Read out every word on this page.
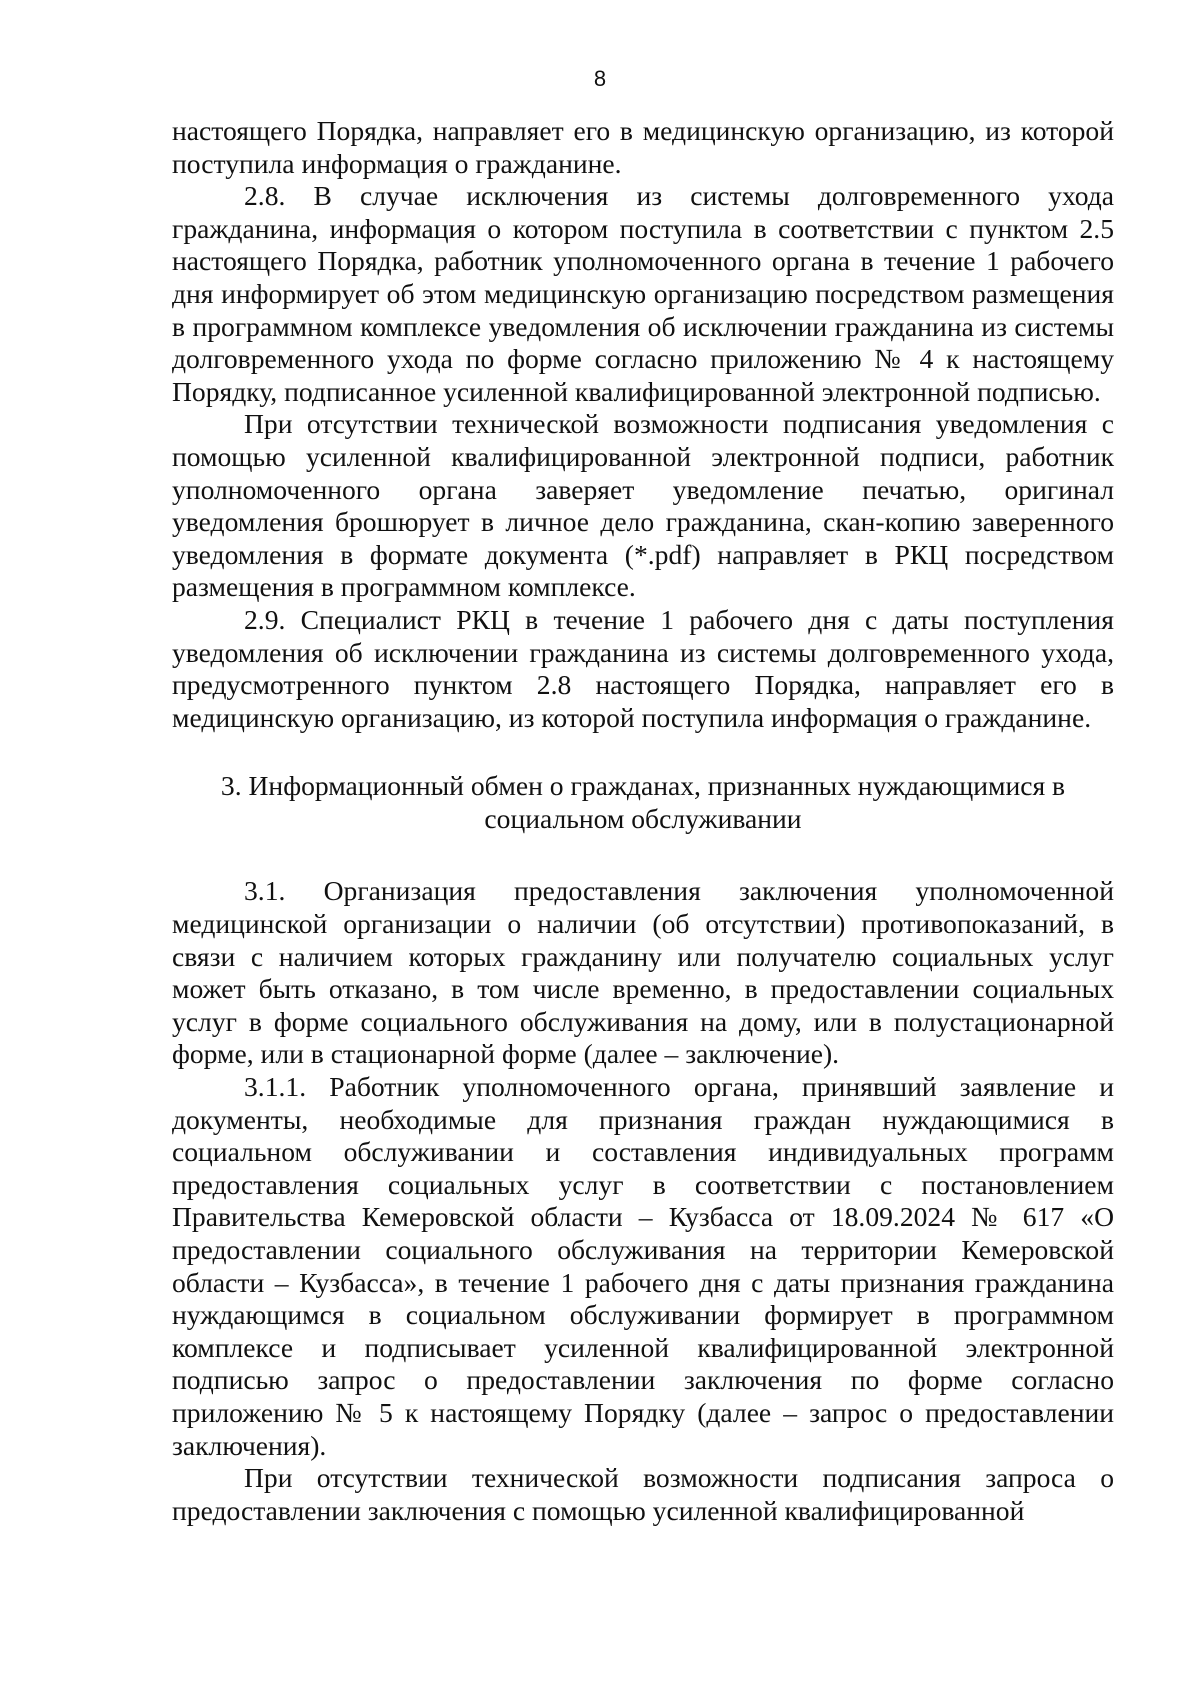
8

настоящего Порядка, направляет его в медицинскую организацию, из которой поступила информация о гражданине.

2.8. В случае исключения из системы долговременного ухода гражданина, информация о котором поступила в соответствии с пунктом 2.5 настоящего Порядка, работник уполномоченного органа в течение 1 рабочего дня информирует об этом медицинскую организацию посредством размещения в программном комплексе уведомления об исключении гражданина из системы долговременного ухода по форме согласно приложению № 4 к настоящему Порядку, подписанное усиленной квалифицированной электронной подписью.

При отсутствии технической возможности подписания уведомления с помощью усиленной квалифицированной электронной подписи, работник уполномоченного органа заверяет уведомление печатью, оригинал уведомления брошюрует в личное дело гражданина, скан-копию заверенного уведомления в формате документа (*.pdf) направляет в РКЦ посредством размещения в программном комплексе.

2.9. Специалист РКЦ в течение 1 рабочего дня с даты поступления уведомления об исключении гражданина из системы долговременного ухода, предусмотренного пунктом 2.8 настоящего Порядка, направляет его в медицинскую организацию, из которой поступила информация о гражданине.

3. Информационный обмен о гражданах, признанных нуждающимися в социальном обслуживании

3.1. Организация предоставления заключения уполномоченной медицинской организации о наличии (об отсутствии) противопоказаний, в связи с наличием которых гражданину или получателю социальных услуг может быть отказано, в том числе временно, в предоставлении социальных услуг в форме социального обслуживания на дому, или в полустационарной форме, или в стационарной форме (далее – заключение).

3.1.1. Работник уполномоченного органа, принявший заявление и документы, необходимые для признания граждан нуждающимися в социальном обслуживании и составления индивидуальных программ предоставления социальных услуг в соответствии с постановлением Правительства Кемеровской области – Кузбасса от 18.09.2024 № 617 «О предоставлении социального обслуживания на территории Кемеровской области – Кузбасса», в течение 1 рабочего дня с даты признания гражданина нуждающимся в социальном обслуживании формирует в программном комплексе и подписывает усиленной квалифицированной электронной подписью запрос о предоставлении заключения по форме согласно приложению № 5 к настоящему Порядку (далее – запрос о предоставлении заключения).

При отсутствии технической возможности подписания запроса о предоставлении заключения с помощью усиленной квалифицированной
